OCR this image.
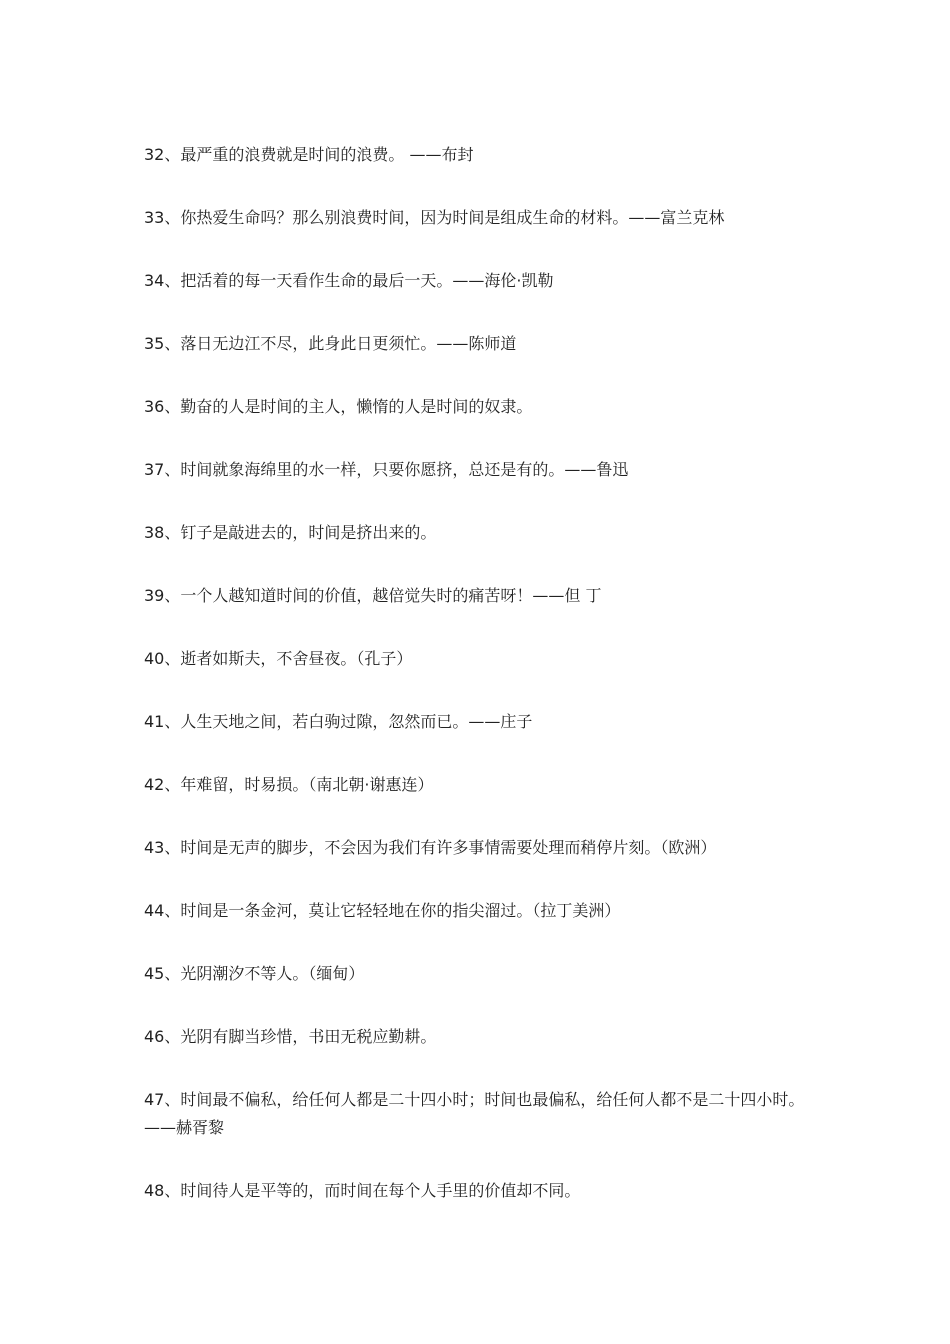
32、最严重的浪费就是时间的浪费。 ——布封
33、你热爱生命吗？那么别浪费时间，因为时间是组成生命的材料。——富兰克林
34、把活着的每一天看作生命的最后一天。——海伦·凯勒
35、落日无边江不尽，此身此日更须忙。——陈师道
36、勤奋的人是时间的主人，懒惰的人是时间的奴隶。
37、时间就象海绵里的水一样，只要你愿挤，总还是有的。——鲁迅
38、钉子是敲进去的，时间是挤出来的。
39、一个人越知道时间的价值，越倍觉失时的痛苦呀！——但 丁
40、逝者如斯夫，不舍昼夜。（孔子）
41、人生天地之间，若白驹过隙，忽然而已。——庄子
42、年难留，时易损。（南北朝·谢惠连）
43、时间是无声的脚步，不会因为我们有许多事情需要处理而稍停片刻。（欧洲）
44、时间是一条金河，莫让它轻轻地在你的指尖溜过。（拉丁美洲）
45、光阴潮汐不等人。（缅甸）
46、光阴有脚当珍惜，书田无税应勤耕。
47、时间最不偏私，给任何人都是二十四小时；时间也最偏私，给任何人都不是二十四小时。——赫胥黎
48、时间待人是平等的，而时间在每个人手里的价值却不同。
